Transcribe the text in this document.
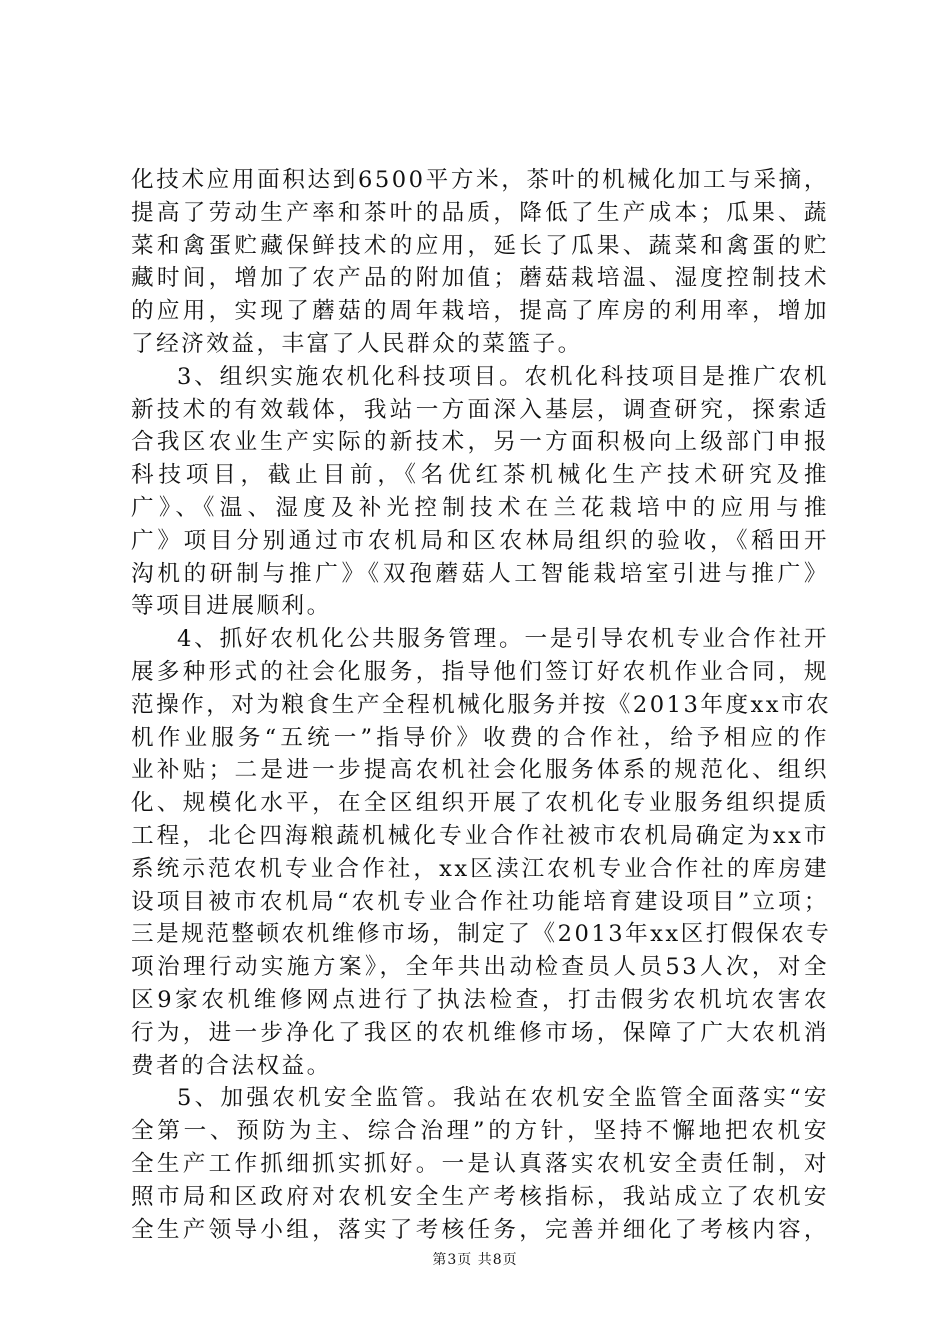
化技术应用面积达到6500平方米，茶叶的机械化加工与采摘，
提高了劳动生产率和茶叶的品质，降低了生产成本；瓜果、蔬
菜和禽蛋贮藏保鲜技术的应用，延长了瓜果、蔬菜和禽蛋的贮
藏时间，增加了农产品的附加值；蘑菇栽培温、湿度控制技术
的应用，实现了蘑菇的周年栽培，提高了库房的利用率，增加
了经济效益，丰富了人民群众的菜篮子。
3、组织实施农机化科技项目。农机化科技项目是推广农机
新技术的有效载体，我站一方面深入基层，调查研究，探索适
合我区农业生产实际的新技术，另一方面积极向上级部门申报
科技项目，截止目前，《名优红茶机械化生产技术研究及推
广》、《温、湿度及补光控制技术在兰花栽培中的应用与推
广》项目分别通过市农机局和区农林局组织的验收，《稻田开
沟机的研制与推广》《双孢蘑菇人工智能栽培室引进与推广》
等项目进展顺利。
4、抓好农机化公共服务管理。一是引导农机专业合作社开
展多种形式的社会化服务，指导他们签订好农机作业合同，规
范操作，对为粮食生产全程机械化服务并按《2013年度xx市农
机作业服务“五统一”指导价》收费的合作社，给予相应的作
业补贴；二是进一步提高农机社会化服务体系的规范化、组织
化、规模化水平，在全区组织开展了农机化专业服务组织提质
工程，北仑四海粮蔬机械化专业合作社被市农机局确定为xx市
系统示范农机专业合作社，xx区渎江农机专业合作社的库房建
设项目被市农机局“农机专业合作社功能培育建设项目”立项；
三是规范整顿农机维修市场，制定了《2013年xx区打假保农专
项治理行动实施方案》，全年共出动检查员人员53人次，对全
区9家农机维修网点进行了执法检查，打击假劣农机坑农害农
行为，进一步净化了我区的农机维修市场，保障了广大农机消
费者的合法权益。
5、加强农机安全监管。我站在农机安全监管全面落实“安
全第一、预防为主、综合治理”的方针，坚持不懈地把农机安
全生产工作抓细抓实抓好。一是认真落实农机安全责任制，对
照市局和区政府对农机安全生产考核指标，我站成立了农机安
全生产领导小组，落实了考核任务，完善并细化了考核内容，
第3页 共8页
